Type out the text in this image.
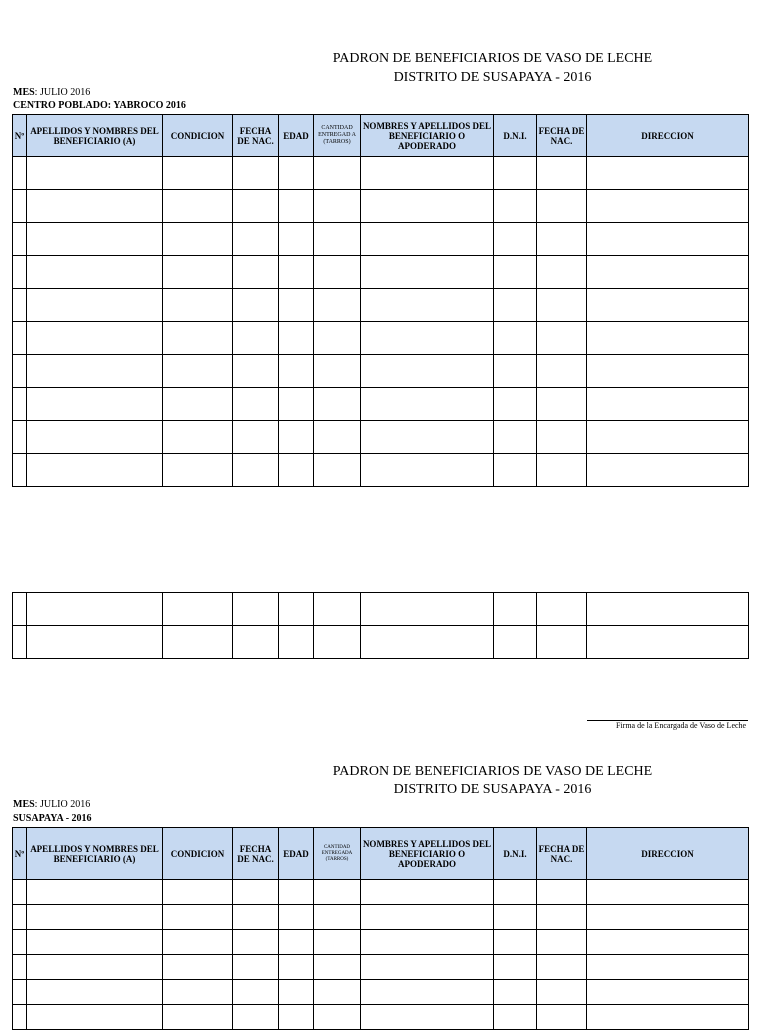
PADRON DE BENEFICIARIOS DE VASO DE LECHE
DISTRITO DE SUSAPAYA - 2016
MES: JULIO 2016
CENTRO POBLADO: YABROCO 2016
Nº	APELLIDOS Y NOMBRES DEL BENEFICIARIO (A)	CONDICION	FECHA DE NAC.	EDAD	CANTIDAD ENTREGAD A (TARROS)	NOMBRES Y APELLIDOS DEL BENEFICIARIO O APODERADO	D.N.I.	FECHA DE NAC.	DIRECCION

Firma de la Encargada de Vaso de Leche
PADRON DE BENEFICIARIOS DE VASO DE LECHE
DISTRITO DE SUSAPAYA - 2016
MES: JULIO 2016
SUSAPAYA - 2016
Nº	APELLIDOS Y NOMBRES DEL BENEFICIARIO (A)	CONDICION	FECHA DE NAC.	EDAD	CANTIDAD ENTREGADA (TARROS)	NOMBRES Y APELLIDOS DEL BENEFICIARIO O APODERADO	D.N.I.	FECHA DE NAC.	DIRECCION
